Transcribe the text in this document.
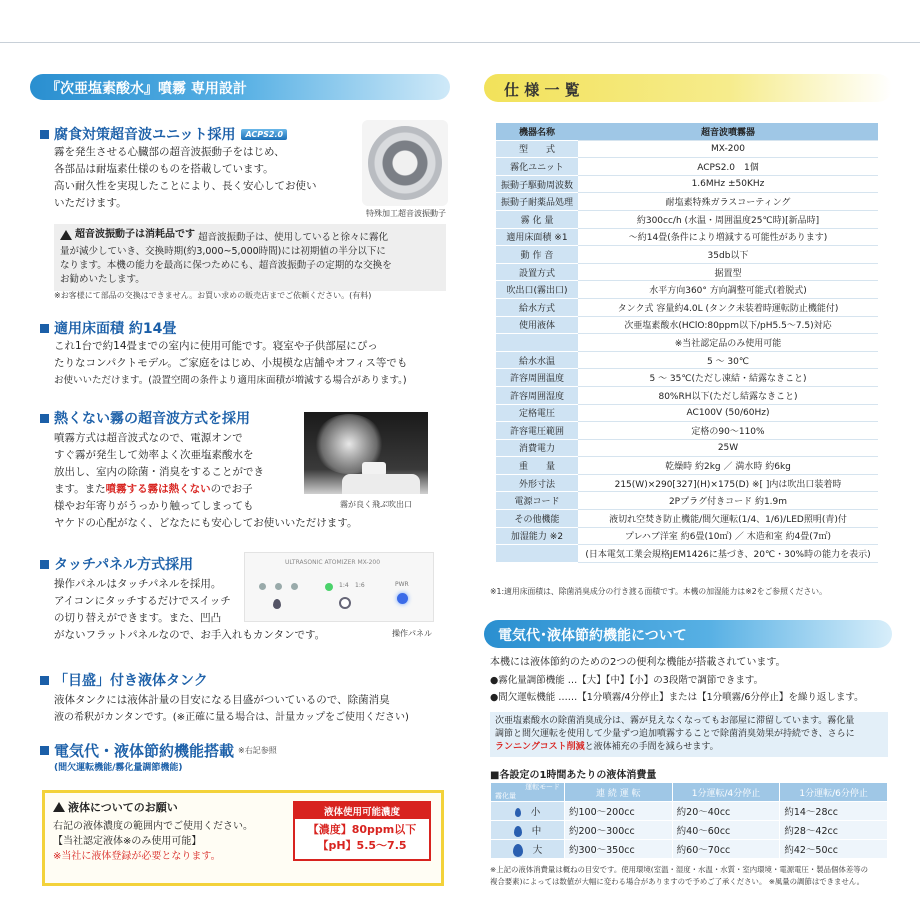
『次亜塩素酸水』噴霧 専用設計
腐食対策超音波ユニット採用	ACPS2.0
霧を発生させる心臓部の超音波振動子をはじめ、
各部品は耐塩素仕様のものを搭載しています。
高い耐久性を実現したことにより、長く安心してお使い
いただけます。
特殊加工超音波振動子
超音波振動子は消耗品です 超音波振動子は、使用していると徐々に霧化
量が減少していき、交換時期(約3,000~5,000時間)には初期値の半分以下に
なります。本機の能力を最高に保つためにも、超音波振動子の定期的な交換を
お勧めいたします。
※お客様にて部品の交換はできません。お買い求めの販売店までご依頼ください。(有料)
適用床面積 約14畳
これ1台で約14畳までの室内に使用可能です。寝室や子供部屋にぴっ
たりなコンパクトモデル。ご家庭をはじめ、小規模な店舗やオフィス等でも
お使いいただけます。(設置空間の条件より適用床面積が増減する場合があります。)
熱くない霧の超音波方式を採用
噴霧方式は超音波式なので、電源オンで
すぐ霧が発生して効率よく次亜塩素酸水を
放出し、室内の除菌・消臭をすることができ
ます。また噴霧する霧は熱くないのでお子
様やお年寄りがうっかり触ってしまっても
ヤケドの心配がなく、どなたにも安心してお使いいただけます。
霧が良く飛ぶ吹出口
タッチパネル方式採用
操作パネルはタッチパネルを採用。
アイコンにタッチするだけでスイッチ
の切り替えができます。また、凹凸
がないフラットパネルなので、お手入れもカンタンです。
ULTRASONIC ATOMIZER MX-200
1:4 1:6	PWR
操作パネル
「目盛」付き液体タンク
液体タンクには液体計量の目安になる目盛がついているので、除菌消臭
液の希釈がカンタンです。(※正確に量る場合は、計量カップをご使用ください)
電気代・液体節約機能搭載 ※右記参照
(間欠運転機能/霧化量調節機能)
液体についてのお願い
右記の液体濃度の範囲内でご使用ください。
【当社認定液体※のみ使用可能】
※当社に液体登録が必要となります。
液体使用可能濃度
【濃度】80ppm以下
【pH】5.5～7.5
仕 様 一 覧
機器名称	超音波噴霧器
型　　式	MX-200
霧化ユニット	ACPS2.0　1個
振動子駆動周波数	1.6MHz ±50KHz
振動子耐薬品処理	耐塩素特殊ガラスコーティング
霧 化 量	約300cc/h (水温・周囲温度25℃時)[新品時]
適用床面積 ※1	～約14畳(条件により増減する可能性があります)
動 作 音	35db以下
設置方式	据置型
吹出口(霧出口)	水平方向360° 方向調整可能式(着脱式)
給水方式	タンク式 容量約4.0L (タンク未装着時運転防止機能付)
使用液体	次亜塩素酸水(HClO:80ppm以下/pH5.5～7.5)対応
	※当社認定品のみ使用可能
給水水温	5 ～ 30℃
許容周囲温度	5 ～ 35℃(ただし凍結・結露なきこと)
許容周囲湿度	80%RH以下(ただし結露なきこと)
定格電圧	AC100V (50/60Hz)
許容電圧範囲	定格の90～110%
消費電力	25W
重　　量	乾燥時 約2kg ／ 満水時 約6kg
外形寸法	215(W)×290[327](H)×175(D) ※[ ]内は吹出口装着時
電源コード	2Pプラグ付きコード 約1.9m
その他機能	液切れ空焚き防止機能/間欠運転(1/4、1/6)/LED照明(青)付
加湿能力 ※2	プレハブ洋室 約6畳(10㎡) ／ 木造和室 約4畳(7㎡)
	(日本電気工業会規格JEM1426に基づき、20℃・30%時の能力を表示)
※1:適用床面積は、除菌消臭成分の行き渡る面積です。本機の加湿能力は※2をご参照ください。
電気代･液体節約機能について
本機には液体節約のための2つの便利な機能が搭載されています。
●霧化量調節機能 …【大】【中】【小】の3段階で調節できます。
●間欠運転機能 ……【1分噴霧/4分停止】または【1分噴霧/6分停止】を繰り返します。
次亜塩素酸水の除菌消臭成分は、霧が見えなくなってもお部屋に滞留しています。霧化量
調節と間欠運転を使用して少量ずつ追加噴霧することで除菌消臭効果が持続でき、さらに
ランニングコスト削減と液体補充の手間を減らせます。
■各設定の1時間あたりの液体消費量
運転モード
霧化量	連 続 運 転	1分運転/4分停止	1分運転/6分停止
小	約100～200cc	約20～40cc	約14～28cc
中	約200～300cc	約40～60cc	約28～42cc
大	約300～350cc	約60～70cc	約42～50cc
※上記の液体消費量は概ねの目安です。使用環境(室温・湿度・水温・水質・室内環境・電源電圧・製品個体差等の
複合要素)によっては数値が大幅に変わる場合がありますので予めご了承ください。 ※風量の調節はできません。
